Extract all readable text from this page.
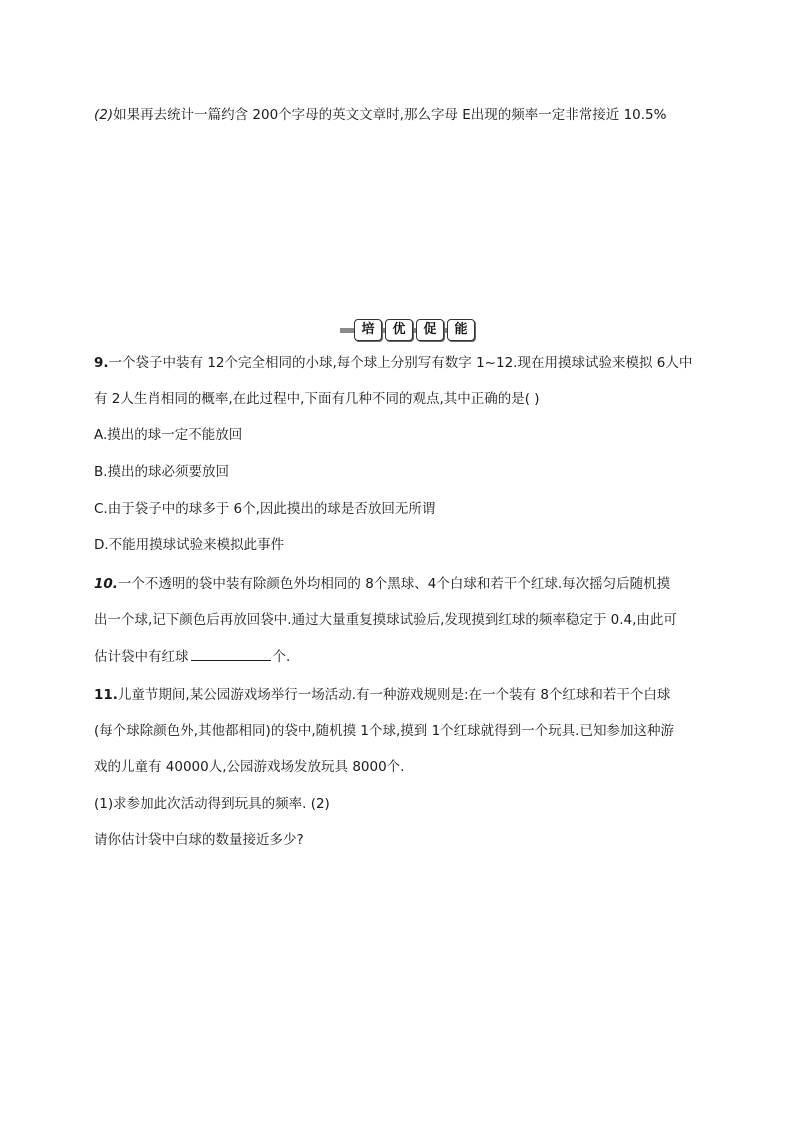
(2)如果再去统计一篇约含 200个字母的英文文章时,那么字母 E出现的频率一定非常接近 10.5%
培	优	促	能
9.一个袋子中装有 12个完全相同的小球,每个球上分别写有数字 1~12.现在用摸球试验来模拟 6人中
有 2人生肖相同的概率,在此过程中,下面有几种不同的观点,其中正确的是( )
A.摸出的球一定不能放回
B.摸出的球必须要放回
C.由于袋子中的球多于 6个,因此摸出的球是否放回无所谓
D.不能用摸球试验来模拟此事件
10.一个不透明的袋中装有除颜色外均相同的 8个黑球、4个白球和若干个红球.每次摇匀后随机摸
出一个球,记下颜色后再放回袋中.通过大量重复摸球试验后,发现摸到红球的频率稳定于 0.4,由此可
估计袋中有红球	个.
11.儿童节期间,某公园游戏场举行一场活动.有一种游戏规则是:在一个装有 8个红球和若干个白球
(每个球除颜色外,其他都相同)的袋中,随机摸 1个球,摸到 1个红球就得到一个玩具.已知参加这种游
戏的儿童有 40000人,公园游戏场发放玩具 8000个.
(1)求参加此次活动得到玩具的频率. (2)
请你估计袋中白球的数量接近多少?
